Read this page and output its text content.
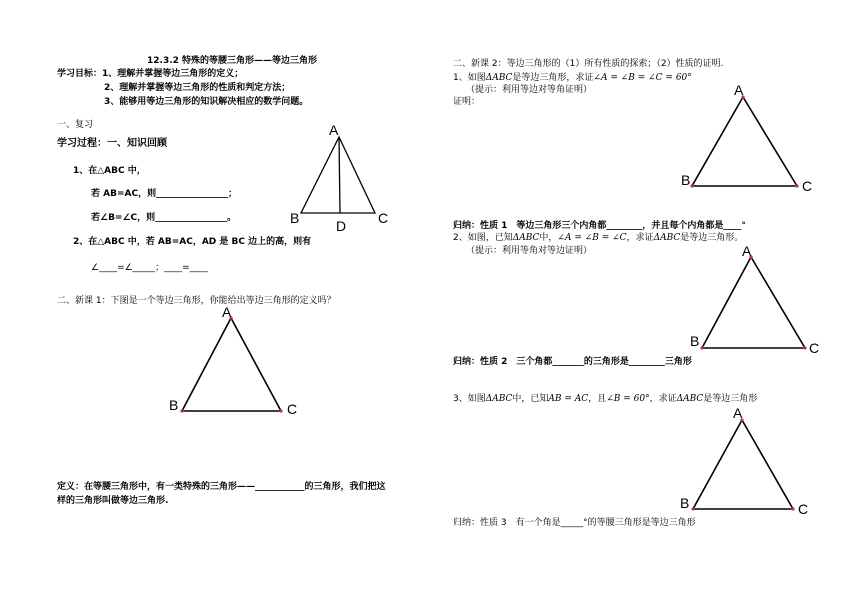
12.3.2 特殊的等腰三角形——等边三角形
学习目标：1、理解并掌握等边三角形的定义；
2、理解并掌握等边三角形的性质和判定方法；
3、能够用等边三角形的知识解决相应的数学问题。
一、复习
学习过程：一、知识回顾
1、在△ABC 中，
若 AB=AC，则________________；
若∠B=∠C，则________________。
2、在△ABC 中，若 AB=AC，AD 是 BC 边上的高，则有
∠____=∠_____；____=____
二、新课 1：下图是一个等边三角形，你能给出等边三角形的定义吗？
定义：在等腰三角形中，有一类特殊的三角形——___________的三角形，我们把这
样的三角形叫做等边三角形.
A
B	C
D
A
B	C
二、新课 2：等边三角形的（1）所有性质的探索；（2）性质的证明.
1、如图ΔABC是等边三角形，求证∠A = ∠B = ∠C = 60°
（提示：利用等边对等角证明）
证明：
A
B	C
归纳：性质 1　等边三角形三个内角都________，并且每个内角都是____°
2、如图，已知ΔABC中，∠A = ∠B = ∠C，求证ΔABC是等边三角形。
（提示：利用等角对等边证明）	A
B	C
归纳：性质 2　三个角都_______的三角形是________三角形
3、如图ΔABC中，已知AB = AC，且∠B = 60°，求证ΔABC是等边三角形
A
B	C
归纳：性质 3　有一个角是_____°的等腰三角形是等边三角形
